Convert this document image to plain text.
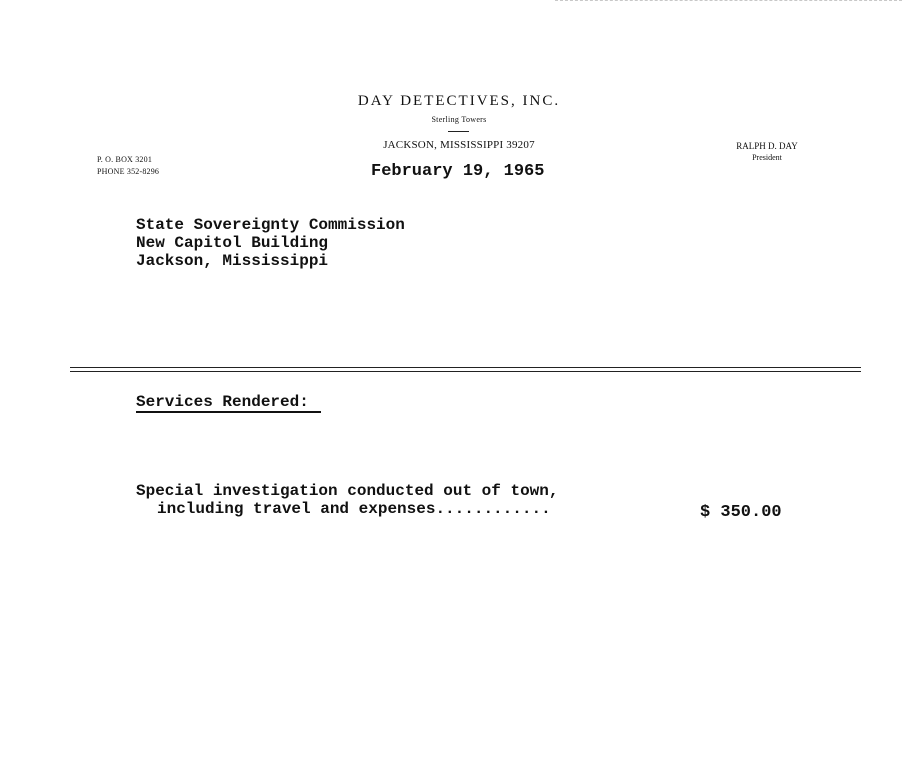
DAY DETECTIVES, INC.
Sterling Towers
JACKSON, MISSISSIPPI 39207
P. O. BOX 3201
PHONE 352-8296
RALPH D. DAY
President
February 19, 1965
State Sovereignty Commission
New Capitol Building
Jackson, Mississippi
Services Rendered:
Special investigation conducted out of town,
including travel and expenses............	$ 350.00
